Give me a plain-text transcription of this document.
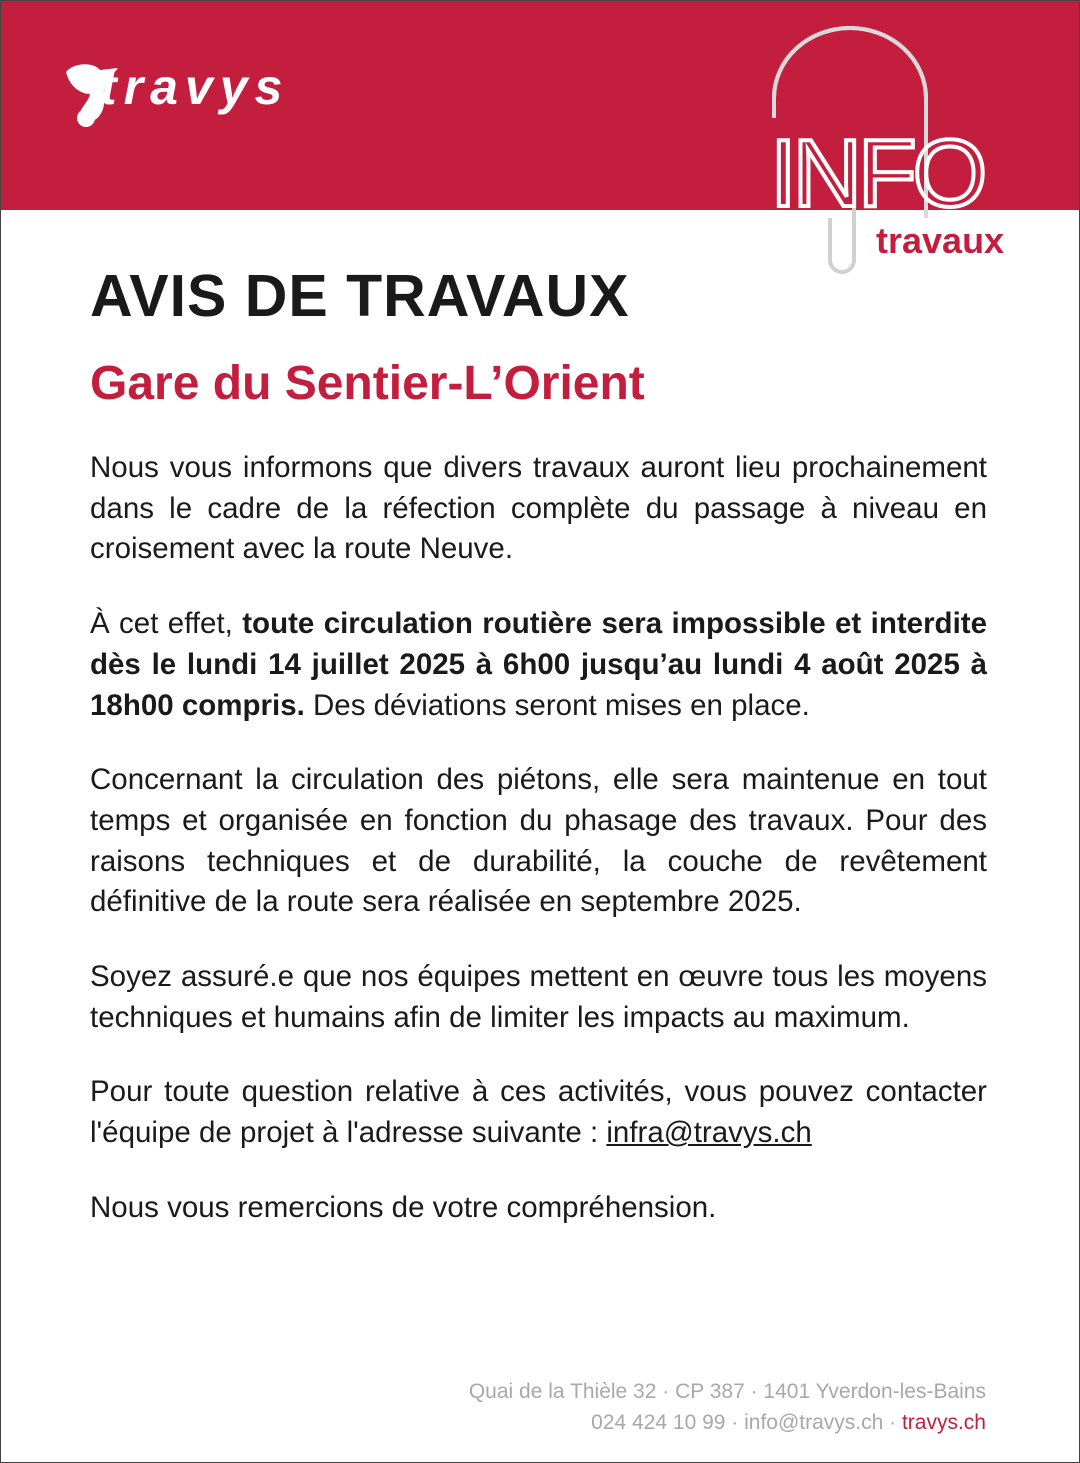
travys
INFO
travaux
AVIS DE TRAVAUX
Gare du Sentier-L’Orient

Nous vous informons que divers travaux auront lieu prochainement dans le cadre de la réfection complète du passage à niveau en croisement avec la route Neuve.

À cet effet, toute circulation routière sera impossible et interdite dès le lundi 14 juillet 2025 à 6h00 jusqu’au lundi 4 août 2025 à 18h00 compris. Des déviations seront mises en place.

Concernant la circulation des piétons, elle sera maintenue en tout temps et organisée en fonction du phasage des travaux. Pour des raisons techniques et de durabilité, la couche de revêtement définitive de la route sera réalisée en septembre 2025.

Soyez assuré.e que nos équipes mettent en œuvre tous les moyens techniques et humains afin de limiter les impacts au maximum.

Pour toute question relative à ces activités, vous pouvez contacter l'équipe de projet à l'adresse suivante : infra@travys.ch

Nous vous remercions de votre compréhension.

Quai de la Thièle 32 · CP 387 · 1401 Yverdon-les-Bains
024 424 10 99 · info@travys.ch · travys.ch
